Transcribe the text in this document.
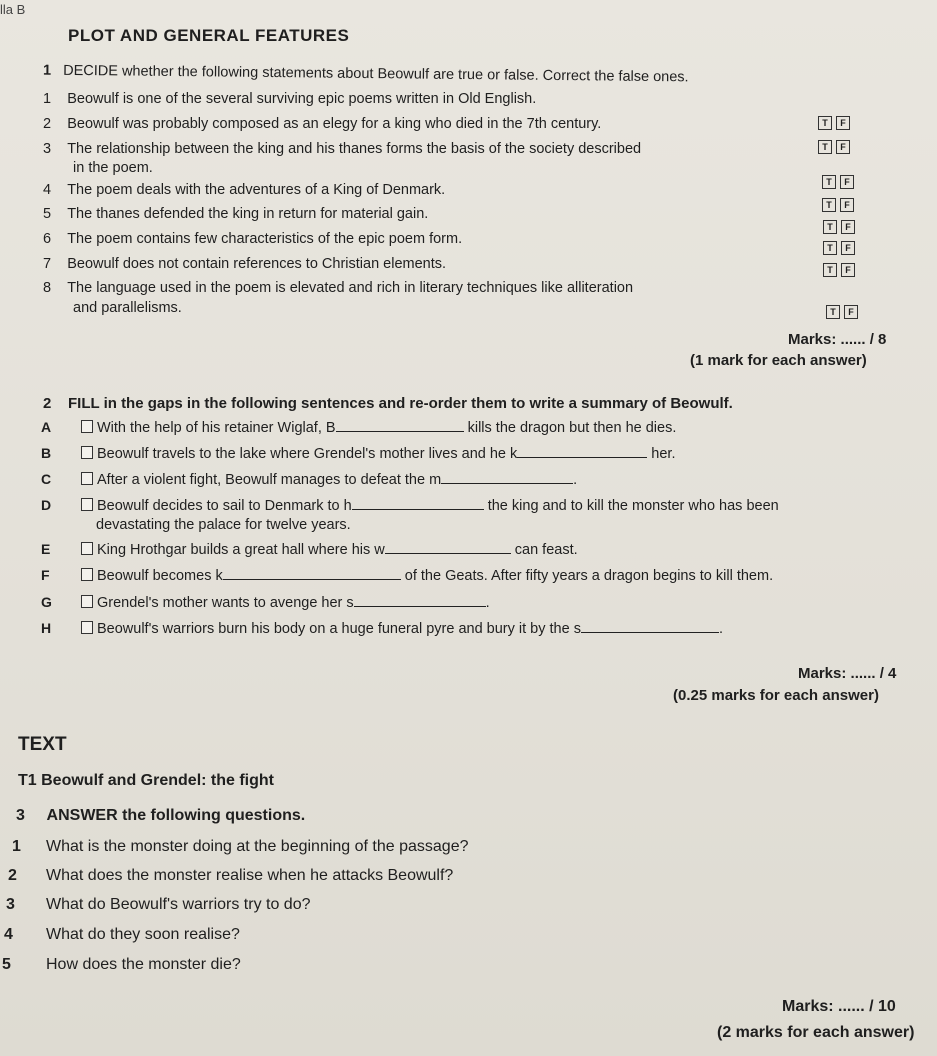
lla B
PLOT AND GENERAL FEATURES
1 DECIDE whether the following statements about Beowulf are true or false. Correct the false ones.
1 Beowulf is one of the several surviving epic poems written in Old English.
2 Beowulf was probably composed as an elegy for a king who died in the 7th century.
3 The relationship between the king and his thanes forms the basis of the society described
in the poem.
4 The poem deals with the adventures of a King of Denmark.
5 The thanes defended the king in return for material gain.
6 The poem contains few characteristics of the epic poem form.
7 Beowulf does not contain references to Christian elements.
8 The language used in the poem is elevated and rich in literary techniques like alliteration
and parallelisms.
T	F
T	F
T	F
T	F
T	F
T	F
T	F
T	F
Marks: ...... / 8
(1 mark for each answer)
2 FILL in the gaps in the following sentences and re-order them to write a summary of Beowulf.
A	With the help of his retainer Wiglaf, B	kills the dragon but then he dies.
B	Beowulf travels to the lake where Grendel's mother lives and he k	her.
C	After a violent fight, Beowulf manages to defeat the m	.
D	Beowulf decides to sail to Denmark to h	the king and to kill the monster who has been
devastating the palace for twelve years.
E	King Hrothgar builds a great hall where his w	can feast.
F	Beowulf becomes k	of the Geats. After fifty years a dragon begins to kill them.
G	Grendel's mother wants to avenge her s	.
H	Beowulf's warriors burn his body on a huge funeral pyre and bury it by the s	.
Marks: ...... / 4
(0.25 marks for each answer)
TEXT
T1 Beowulf and Grendel: the fight
3 ANSWER the following questions.
1 What is the monster doing at the beginning of the passage?
2 What does the monster realise when he attacks Beowulf?
3 What do Beowulf's warriors try to do?
4 What do they soon realise?
5 How does the monster die?
Marks: ...... / 10
(2 marks for each answer)
